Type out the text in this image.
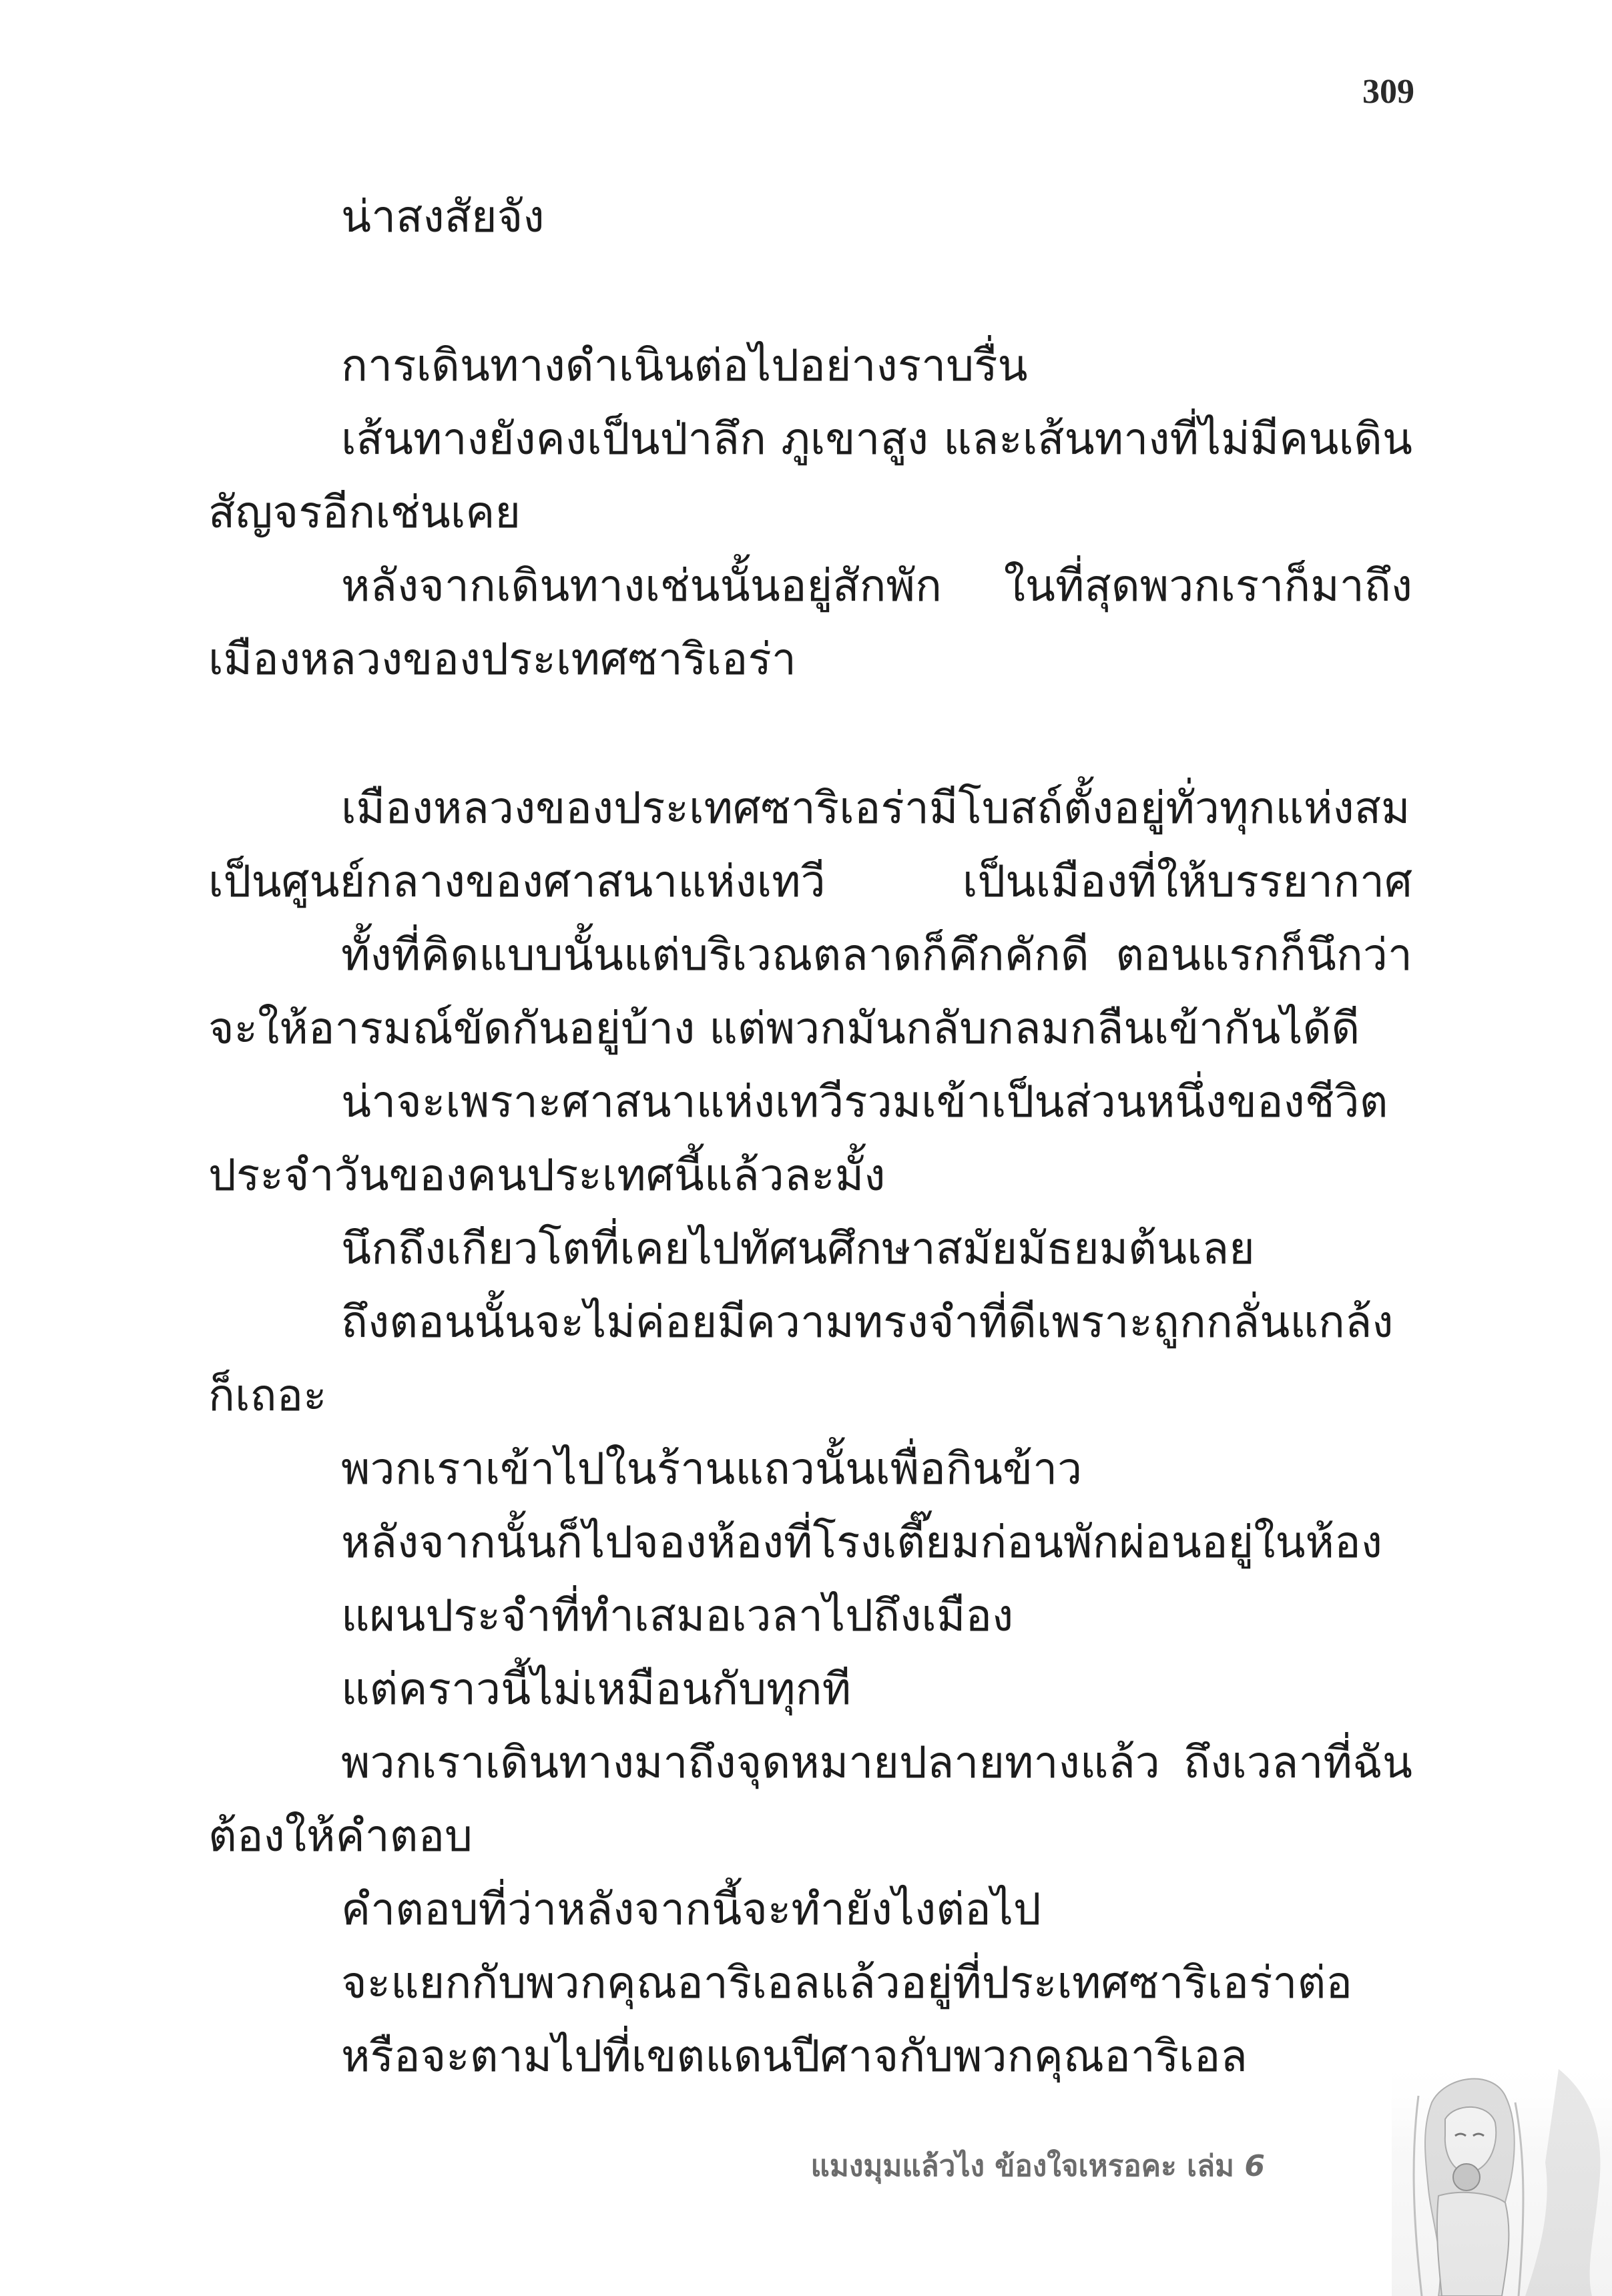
309
น่าสงสัยจัง
การเดินทางดำเนินต่อไปอย่างราบรื่น
เส้นทางยังคงเป็นป่าลึก ภูเขาสูง และเส้นทางที่ไม่มีคนเดิน
สัญจรอีกเช่นเคย
หลังจากเดินทางเช่นนั้นอยู่สักพัก ในที่สุดพวกเราก็มาถึง
เมืองหลวงของประเทศซาริเอร่า
เมืองหลวงของประเทศซาริเอร่ามีโบสถ์ตั้งอยู่ทั่วทุกแห่งสม
เป็นศูนย์กลางของศาสนาแห่งเทวี เป็นเมืองที่ให้บรรยากาศ
ทั้งที่คิดแบบนั้นแต่บริเวณตลาดก็คึกคักดี ตอนแรกก็นึกว่า
จะให้อารมณ์ขัดกันอยู่บ้าง แต่พวกมันกลับกลมกลืนเข้ากันได้ดี
น่าจะเพราะศาสนาแห่งเทวีรวมเข้าเป็นส่วนหนึ่งของชีวิต
ประจำวันของคนประเทศนี้แล้วละมั้ง
นึกถึงเกียวโตที่เคยไปทัศนศึกษาสมัยมัธยมต้นเลย
ถึงตอนนั้นจะไม่ค่อยมีความทรงจำที่ดีเพราะถูกกลั่นแกล้ง
ก็เถอะ
พวกเราเข้าไปในร้านแถวนั้นเพื่อกินข้าว
หลังจากนั้นก็ไปจองห้องที่โรงเตี๊ยมก่อนพักผ่อนอยู่ในห้อง
แผนประจำที่ทำเสมอเวลาไปถึงเมือง
แต่คราวนี้ไม่เหมือนกับทุกที
พวกเราเดินทางมาถึงจุดหมายปลายทางแล้ว ถึงเวลาที่ฉัน
ต้องให้คำตอบ
คำตอบที่ว่าหลังจากนี้จะทำยังไงต่อไป
จะแยกกับพวกคุณอาริเอลแล้วอยู่ที่ประเทศซาริเอร่าต่อ
หรือจะตามไปที่เขตแดนปีศาจกับพวกคุณอาริเอล
แมงมุมแล้วไง ข้องใจเหรอคะ เล่ม 6
